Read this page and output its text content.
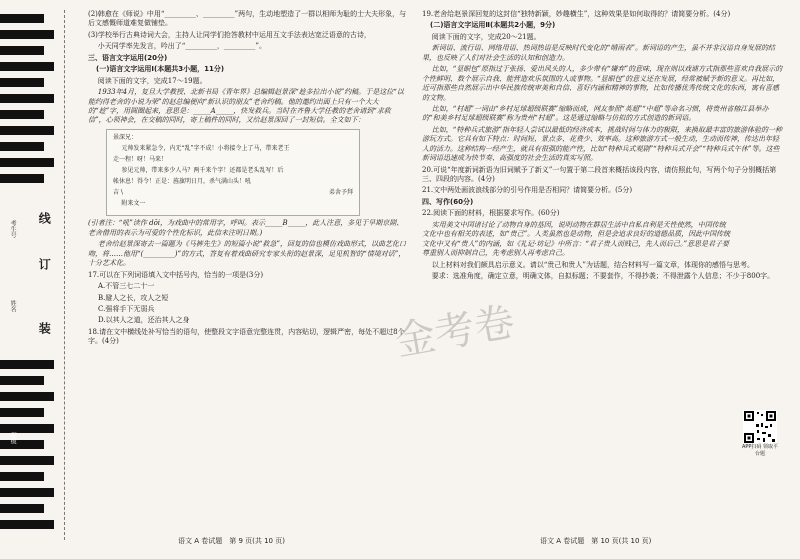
考生号
姓名
班级
线
订
装

(2)韩愈在《师说》中用“_________、_________”两句，生动地塑造了一群以相师为耻的士大夫形象，与后文感慨师道难复做铺垫。

(3)学校举行古典诗词大会，主持人让同学们抢答教材中运用互文手法表达宽泛语意的古诗，

小天同学率先发言，吟出了“_________，_________”。

三、语言文字运用(20分)

(一)语言文字运用Ⅰ(本题共3小题，11分)

阅读下面的文字，完成17～19题。

1933年4月，复旦大学教授、北新书局《青年界》总编辑赵景深“趁多拉出小说”约稿。于是这位“以能约得老舍的小说为荣”的赵总编便向“新认识的朋友”老舍约稿。他的邀约出面上只有一个大大的“趁”字，用圆圈起来，意思是：_____A_____，快发救兵。当时在齐鲁大学任教的老舍请到“求救信”，心领神会，在交稿的同时，寄上稿件的同时，又给赵景深回了一封短信。全文如下：

景深兄：

元帅发来紧急令，内无“乱”字不成！小将接令上了马，带来老王

走一程！呀！马来！

参见元帅，带来多少人马？两千来个字！还都是老头乱写！后

帐休息！得令！正是：旌旗明日月，杀气满山头！吼

吉 \	弟舍予拜

附来文一

(引者注：“吼”读作 dōi，为戏曲中的常用字，呼叫。表示_____B_____，此人注意，多见于早期京剧、老舍借用的表示为可爱的个性化标识，此信未注明日期。)

老舍给赵景深寄去一篇题为《马裤先生》的短篇小说“救急”，回复的信也模仿戏曲形式，以曲艺化口吻，将……他用“(_________)”的方式，答复有着戏曲研究专家头衔的赵景深，足见机智的“情境对话”，十分艺术化。

17.可以在下列词语填入文中括号内，恰当的一项是(3分)

A.不管三七二十一

B.避人之长，攻人之短

C.强将手下无弱兵

D.以其人之道，还治其人之身

18.请在文中横线处补写恰当的语句，使整段文字语意完整连贯，内容贴切，逻辑严密，每处不超过8个字。(4分)

19.老舍给赵景深回复的这封信“独特新颖，妙趣横生”，这种效果是如何取得的？请简要分析。(4分)

(二)语言文字运用Ⅱ(本题共2小题，9分)

阅读下面的文字，完成20～21题。

新词语、流行语、网络用语、热词热语是反映时代变化的“晴雨表”。新词语的产生，虽不并非汉语自身发展的结果，也反映了人们对社会生活的认知和创造力。

比如，“显眼包”原指过于张扬、爱出风头的人，多少带有“嫌弃”的意味，现在则以戏谑方式指那些喜欢自我展示的个性鲜明、数个展示自我、能营造欢乐氛围的人或事物。“显眼包”的意义还在发展，经常被赋予新的意义。再比如，近可指那些自然展示出中华民族传统审美和自信、喜好内涵和精神的事物，比如传播优秀传统文化的东西，寓有喜感的文物。

比如，“村超”一词由“乡村足球超级联赛”缩略而成，网友参照“英超”“中超”等命名习惯，将贵州省榕江县举办的“和美乡村足球超级联赛”称为贵州“村超”。这是通过缩略与仿拟的方式创造的新词语。

比如，“特种兵式旅游”指年轻人尝试以最低的经济成本，挑战时间与体力的极限，来换取最丰富的旅游体验的一种游玩方式。它具有如下特点：时间短、景点多、花费少、效率高。这种旅游方式一般生动，生动而传神，传达出年轻人的活力。这种结构一经产生，就具有很强的能产性，比如“特种兵式观剧”“特种兵式开会”“特种兵式午休”等。这些新词语迅速成为快节奏、高强度的社会生活的真实写照。

20.可说“年度新词新语为旧词赋予了新义”一句置于第二段首来概括该段内容，请仿照此句，写两个句子分别概括第三、四段的内容。(4分)

21.文中两处画波浪线部分的引号作用是否相同？请简要分析。(5分)

四、写作(60分)

22.阅读下面的材料，根据要求写作。(60分)

实用美文中国诸讨论了动物自身的基因，说明动物在群居生活中自私自利是天性使然，中国传统文化中也有相关的表述，如“贵己”。人类虽然也是动物，但是会追求良好的道德品质，因此中国传统文化中又有“贵人”的内涵，如《礼记·坊记》中所言：“君子贵人而贱己，先人而后己。”意思是君子要尊重别人而抑制自己，先考虑别人再考虑自己。

以上材料对我们颇具启示意义。请以“贵己和贵人”为话题，结合材料写一篇文章，体现你的感悟与思考。

要求：选准角度，确定立意，明确文体，自拟标题；不要套作，不得抄袭；不得泄露个人信息；不少于800字。

APP扫码 领取平台题
金考卷
语文 A 卷试题　第 9 页(共 10 页)	语文 A 卷试题　第 10 页(共 10 页)
